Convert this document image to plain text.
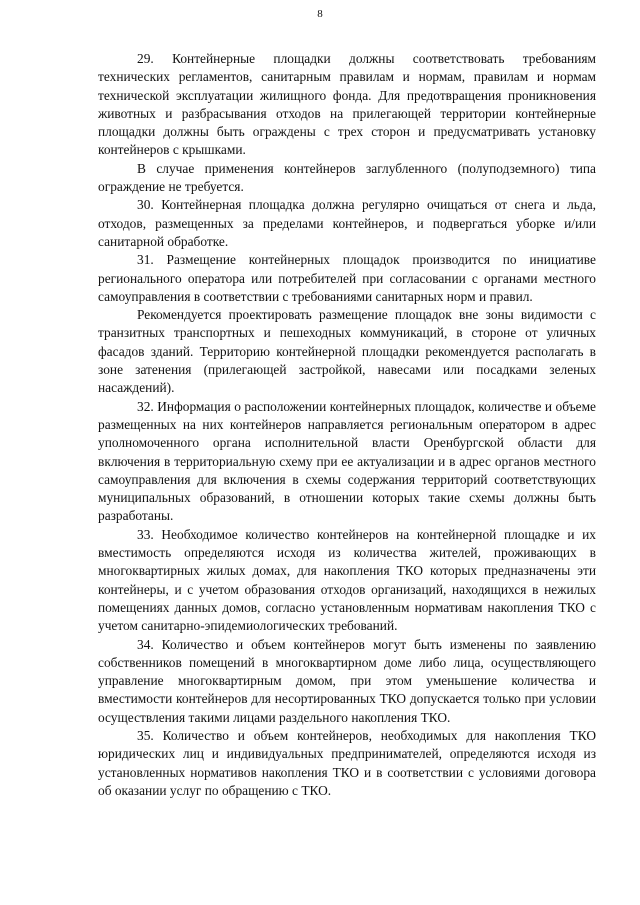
8

29. Контейнерные площадки должны соответствовать требованиям технических регламентов, санитарным правилам и нормам, правилам и нормам технической эксплуатации жилищного фонда. Для предотвращения проникновения животных и разбрасывания отходов на прилегающей территории контейнерные площадки должны быть ограждены с трех сторон и предусматривать установку контейнеров с крышками.

В случае применения контейнеров заглубленного (полуподземного) типа ограждение не требуется.

30. Контейнерная площадка должна регулярно очищаться от снега и льда, отходов, размещенных за пределами контейнеров, и подвергаться уборке и/или санитарной обработке.

31. Размещение контейнерных площадок производится по инициативе регионального оператора или потребителей при согласовании с органами местного самоуправления в соответствии с требованиями санитарных норм и правил.

Рекомендуется проектировать размещение площадок вне зоны видимости с транзитных транспортных и пешеходных коммуникаций, в стороне от уличных фасадов зданий. Территорию контейнерной площадки рекомендуется располагать в зоне затенения (прилегающей застройкой, навесами или посадками зеленых насаждений).

32. Информация о расположении контейнерных площадок, количестве и объеме размещенных на них контейнеров направляется региональным оператором в адрес уполномоченного органа исполнительной власти Оренбургской области для включения в территориальную схему при ее актуализации и в адрес органов местного самоуправления для включения в схемы содержания территорий соответствующих муниципальных образований, в отношении которых такие схемы должны быть разработаны.

33. Необходимое количество контейнеров на контейнерной площадке и их вместимость определяются исходя из количества жителей, проживающих в многоквартирных жилых домах, для накопления ТКО которых предназначены эти контейнеры, и с учетом образования отходов организаций, находящихся в нежилых помещениях данных домов, согласно установленным нормативам накопления ТКО с учетом санитарно-эпидемиологических требований.

34. Количество и объем контейнеров могут быть изменены по заявлению собственников помещений в многоквартирном доме либо лица, осуществляющего управление многоквартирным домом, при этом уменьшение количества и вместимости контейнеров для несортированных ТКО допускается только при условии осуществления такими лицами раздельного накопления ТКО.

35. Количество и объем контейнеров, необходимых для накопления ТКО юридических лиц и индивидуальных предпринимателей, определяются исходя из установленных нормативов накопления ТКО и в соответствии с условиями договора об оказании услуг по обращению с ТКО.
